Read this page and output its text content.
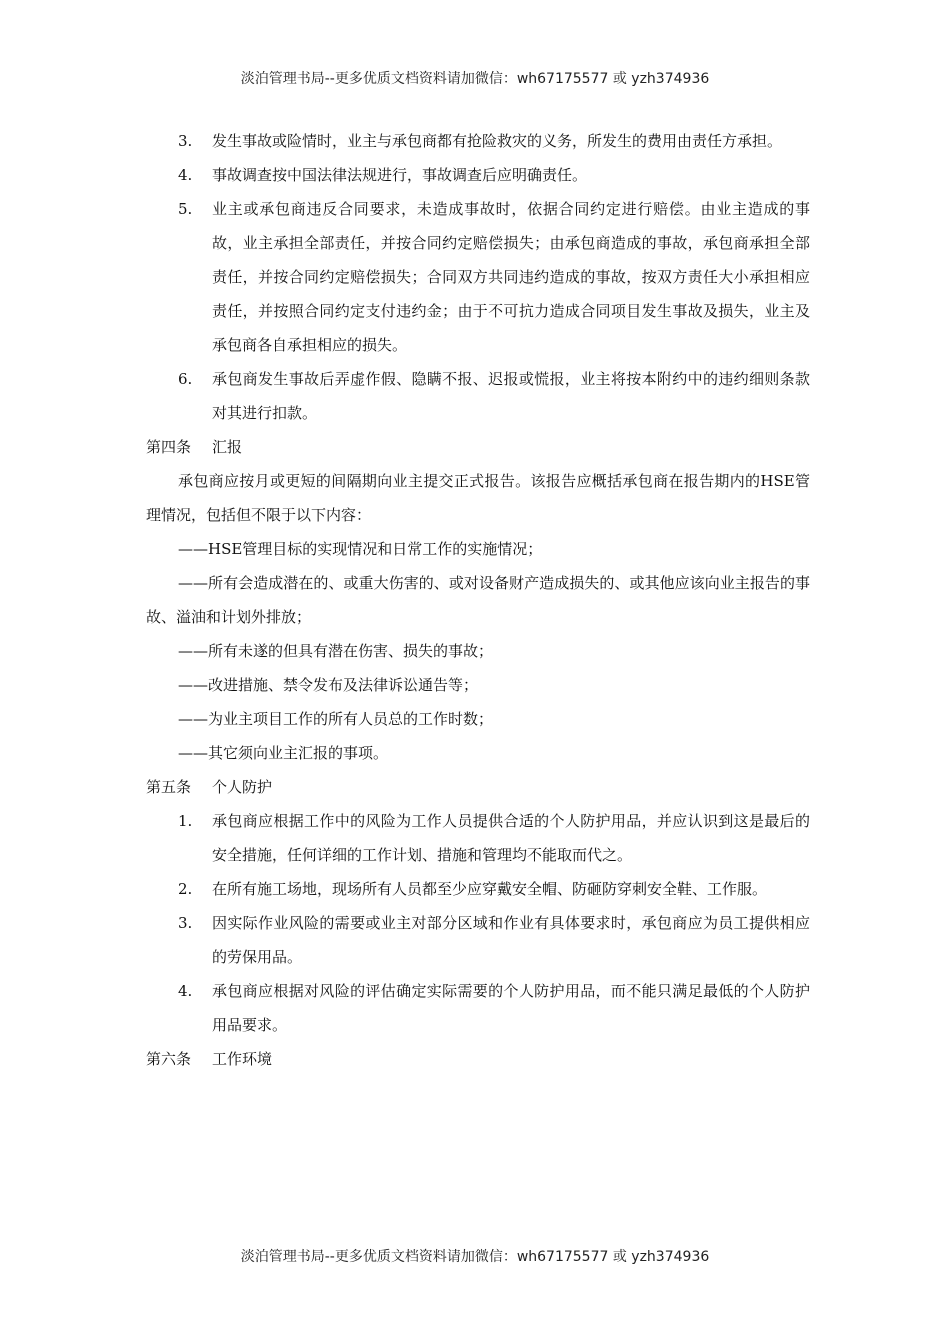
淡泊管理书局--更多优质文档资料请加微信：wh67175577 或 yzh374936
3. 发生事故或险情时，业主与承包商都有抢险救灾的义务，所发生的费用由责任方承担。
4. 事故调查按中国法律法规进行，事故调查后应明确责任。
5. 业主或承包商违反合同要求，未造成事故时，依据合同约定进行赔偿。由业主造成的事故，业主承担全部责任，并按合同约定赔偿损失；由承包商造成的事故，承包商承担全部责任，并按合同约定赔偿损失；合同双方共同违约造成的事故，按双方责任大小承担相应责任，并按照合同约定支付违约金；由于不可抗力造成合同项目发生事故及损失，业主及承包商各自承担相应的损失。
6. 承包商发生事故后弄虚作假、隐瞒不报、迟报或慌报，业主将按本附约中的违约细则条款对其进行扣款。
第四条 汇报
承包商应按月或更短的间隔期向业主提交正式报告。该报告应概括承包商在报告期内的HSE管理情况，包括但不限于以下内容：
——HSE管理目标的实现情况和日常工作的实施情况；
——所有会造成潜在的、或重大伤害的、或对设备财产造成损失的、或其他应该向业主报告的事故、溢油和计划外排放；
——所有未遂的但具有潜在伤害、损失的事故；
——改进措施、禁令发布及法律诉讼通告等；
——为业主项目工作的所有人员总的工作时数；
——其它须向业主汇报的事项。
第五条 个人防护
1. 承包商应根据工作中的风险为工作人员提供合适的个人防护用品，并应认识到这是最后的安全措施，任何详细的工作计划、措施和管理均不能取而代之。
2. 在所有施工场地，现场所有人员都至少应穿戴安全帽、防砸防穿刺安全鞋、工作服。
3. 因实际作业风险的需要或业主对部分区域和作业有具体要求时，承包商应为员工提供相应的劳保用品。
4. 承包商应根据对风险的评估确定实际需要的个人防护用品，而不能只满足最低的个人防护用品要求。
第六条 工作环境
淡泊管理书局--更多优质文档资料请加微信：wh67175577 或 yzh374936
